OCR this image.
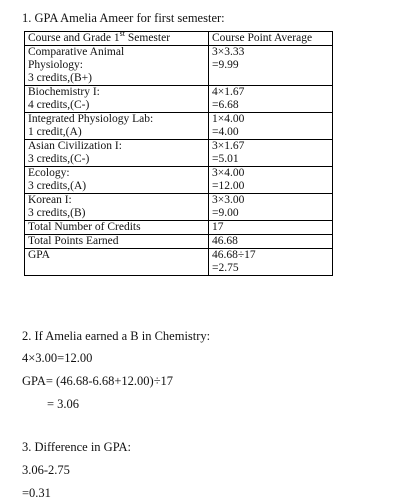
1. GPA Amelia Ameer for first semester:
Course and Grade 1st Semester	Course Point Average

Comparative Animal
Physiology:
3 credits,(B+)	3×3.33
=9.99

Biochemistry I:
4 credits,(C-)	4×1.67
=6.68

Integrated Physiology Lab:
1 credit,(A)	1×4.00
=4.00

Asian Civilization I:
3 credits,(C-)	3×1.67
=5.01

Ecology:
3 credits,(A)	3×4.00
=12.00

Korean I:
3 credits,(B)	3×3.00
=9.00

Total Number of Credits	17

Total Points Earned	46.68

GPA	46.68÷17
=2.75
2. If Amelia earned a B in Chemistry:
4×3.00=12.00
GPA= (46.68-6.68+12.00)÷17
= 3.06
3. Difference in GPA:
3.06-2.75
=0.31
